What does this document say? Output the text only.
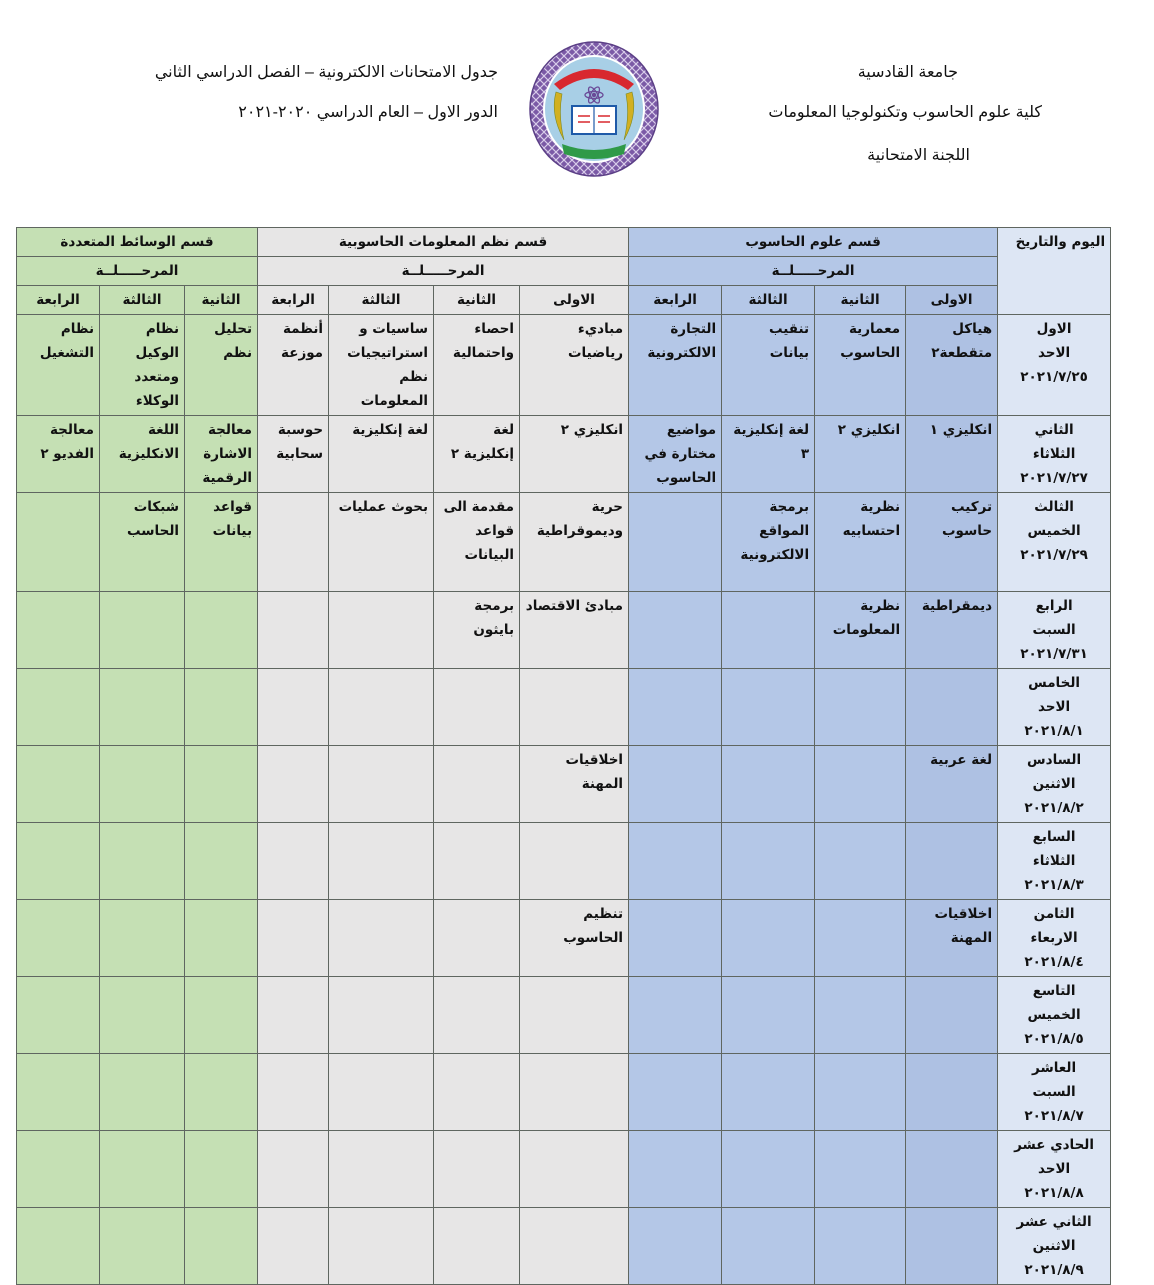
جامعة القادسية
كلية علوم الحاسوب وتكنولوجيا المعلومات
اللجنة الامتحانية
جدول الامتحانات الالكترونية – الفصل الدراسي الثاني
الدور الاول – العام الدراسي ٢٠٢٠-٢٠٢١
اليوم والتاريخ	قسم علوم الحاسوب				قسم نظم المعلومات الحاسوبية				قسم الوسائط المتعددة		
	المرحـــــلــة				المرحـــــلــة				المرحـــــلــة		
	الاولى	الثانية	الثالثة	الرابعة	الاولى	الثانية	الثالثة	الرابعة	الثانية	الثالثة	الرابعة

الاول
الاحد
٢٠٢١/٧/٢٥	هياكل متقطعة٢	معمارية الحاسوب	تنقيب بيانات	التجارة الالكترونية	مباديء رياضيات	احصاء واحتمالية	ساسيات و استراتيجيات نظم المعلومات	أنظمة موزعة	تحليل نظم	نظام الوكيل ومتعدد الوكلاء	نظام التشغيل

الثاني
الثلاثاء
٢٠٢١/٧/٢٧	انكليزي ١	انكليزي ٢	لغة إنكليزية ٣	مواضيع مختارة في الحاسوب	انكليزي ٢	لغة إنكليزية ٢	لغة إنكليزية	حوسبة سحابية	معالجة الاشارة الرقمية	اللغة الانكليزية	معالجة الفديو ٢

الثالث
الخميس
٢٠٢١/٧/٢٩	تركيب حاسوب	نظرية احتسابيه	برمجة المواقع الالكترونية		حرية وديموقراطية	مقدمة الى قواعد البيانات	بحوث عمليات		قواعد بيانات	شبكات الحاسب	

الرابع
السبت
٢٠٢١/٧/٣١	ديمقراطية	نظرية المعلومات			مبادئ الاقتصاد	برمجة بايثون					

الخامس
الاحد
٢٠٢١/٨/١											

السادس
الاثنين
٢٠٢١/٨/٢	لغة عربية				اخلاقيات المهنة						

السابع
الثلاثاء
٢٠٢١/٨/٣											

الثامن
الاربعاء
٢٠٢١/٨/٤	اخلاقيات المهنة				تنظيم الحاسوب						

التاسع
الخميس
٢٠٢١/٨/٥											

العاشر
السبت
٢٠٢١/٨/٧											

الحادي عشر
الاحد
٢٠٢١/٨/٨											

الثاني عشر
الاثنين
٢٠٢١/٨/٩											
